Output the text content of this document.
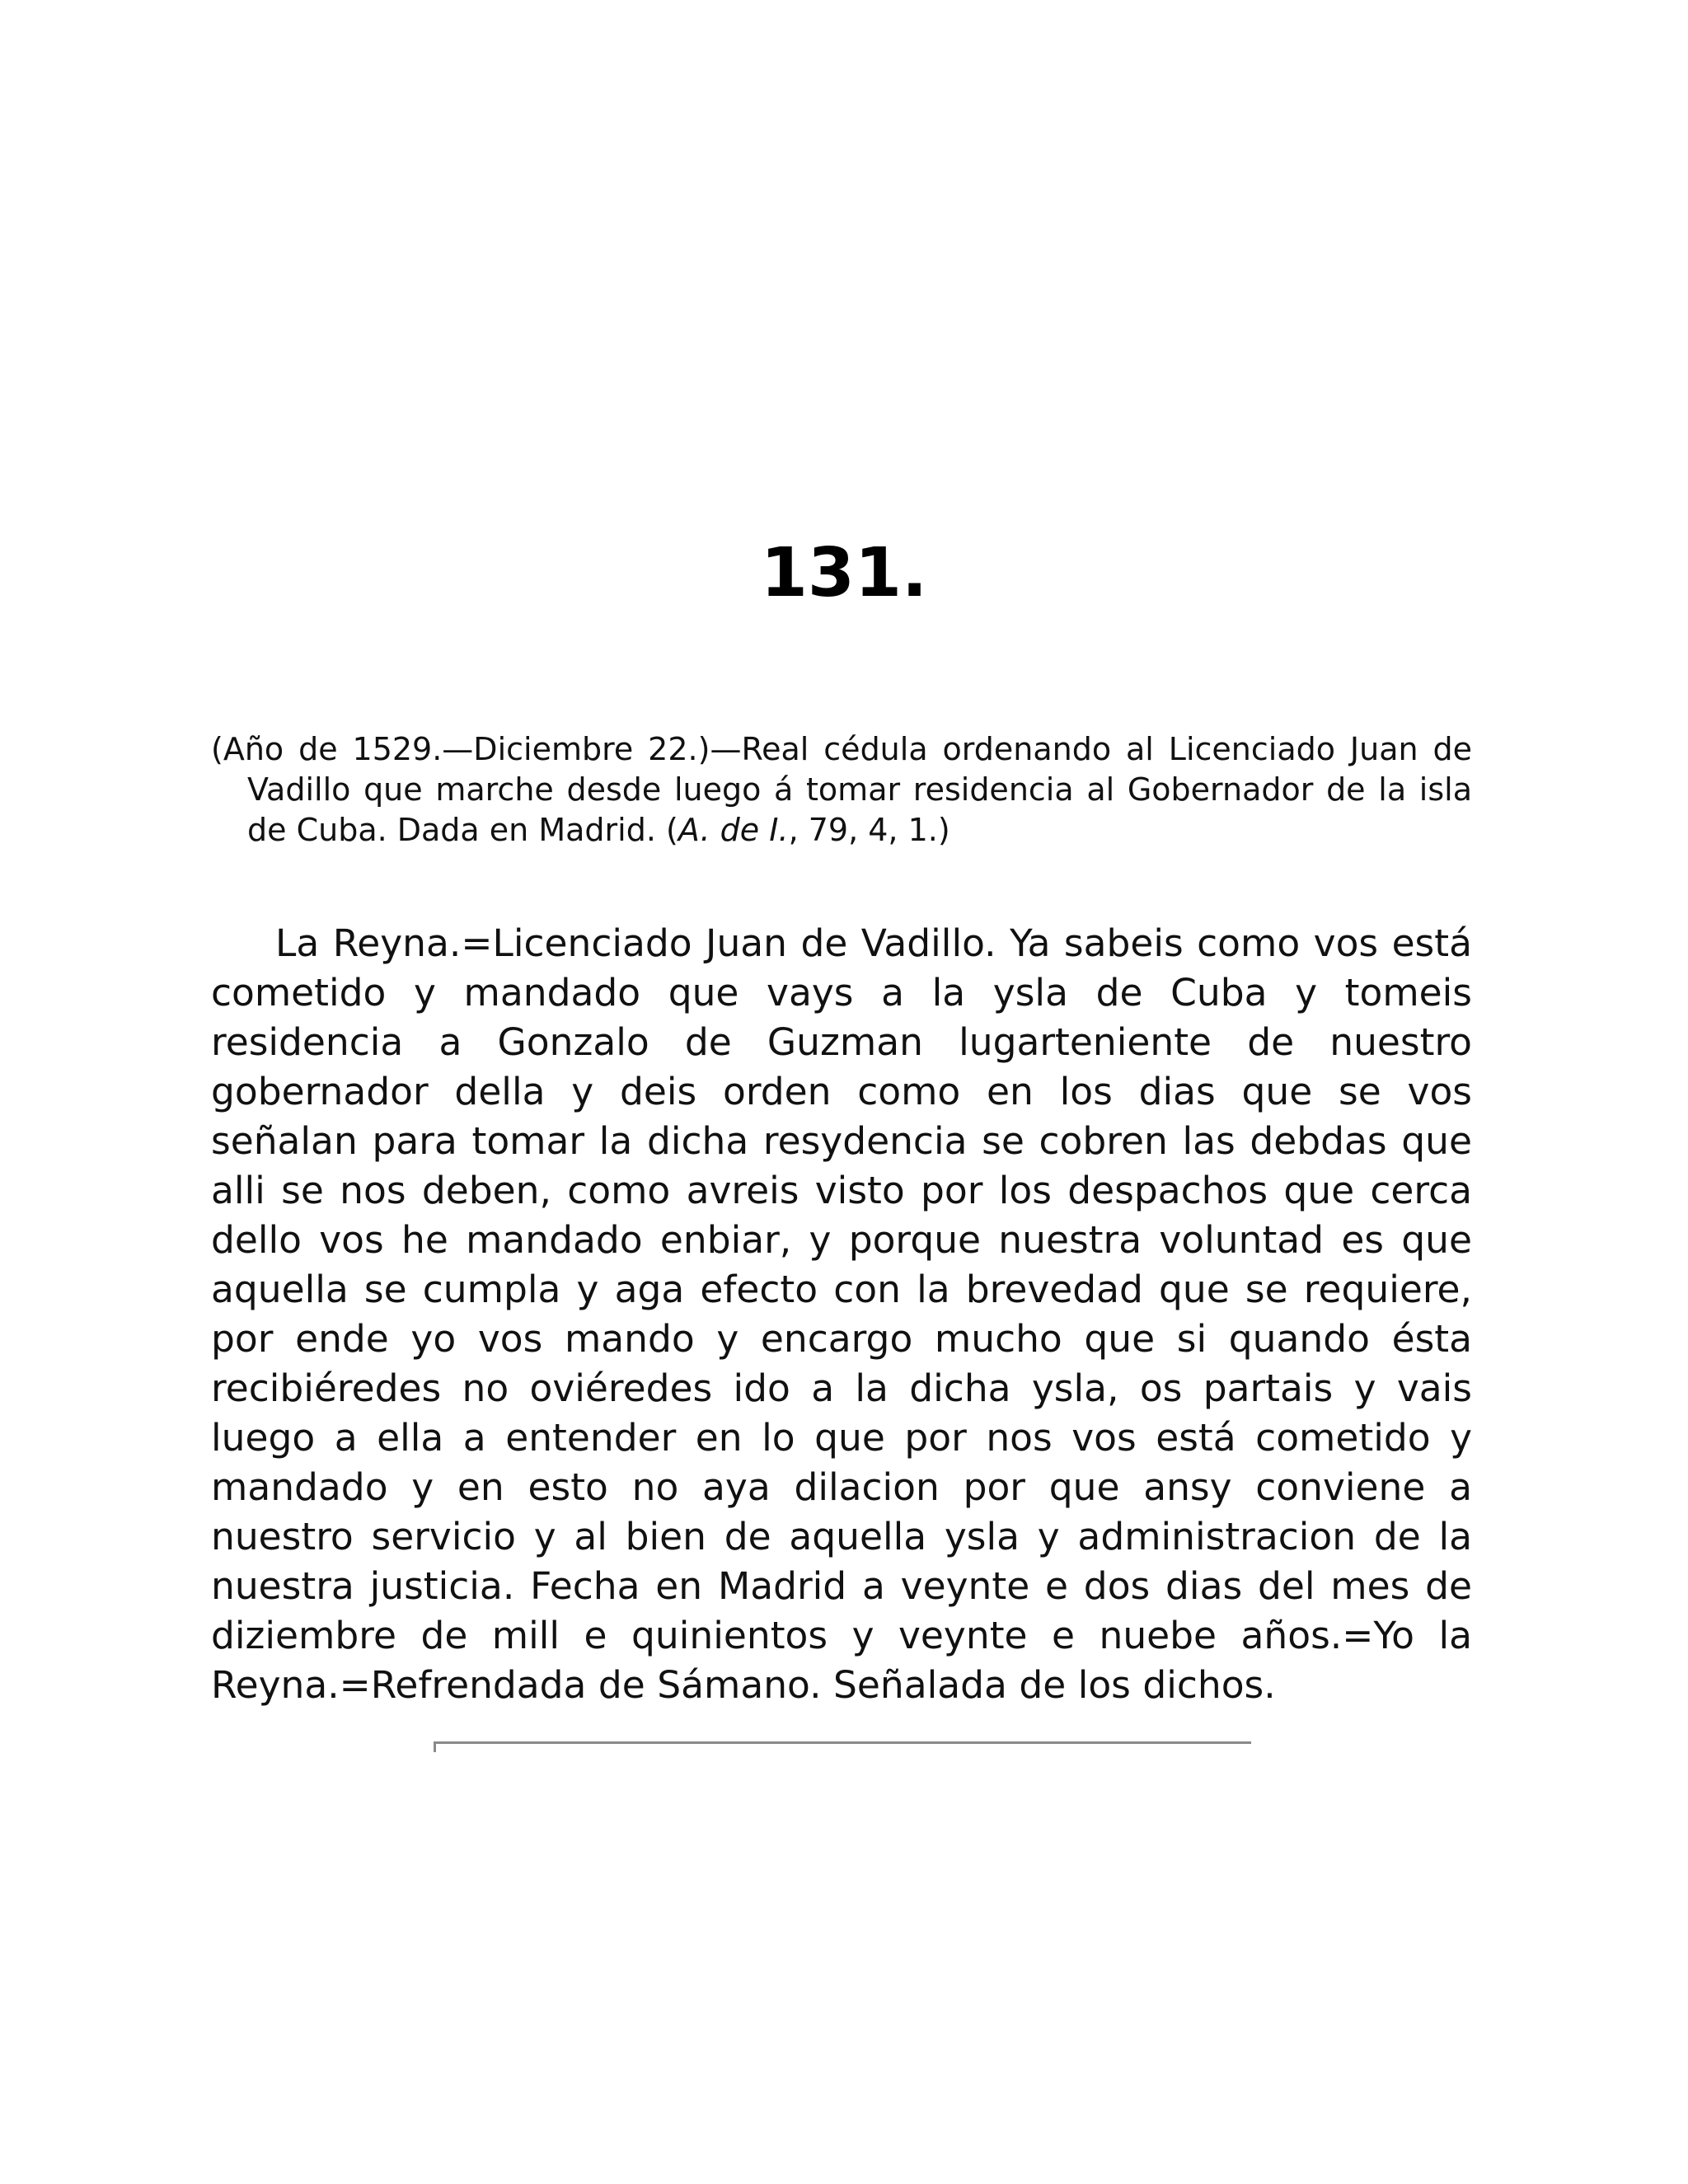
131.

(Año de 1529.—Diciembre 22.)—Real cédula ordenando al Licenciado Juan de Vadillo que marche desde luego á tomar residencia al Gobernador de la isla de Cuba. Dada en Madrid. (A. de I., 79, 4, 1.)

La Reyna.=Licenciado Juan de Vadillo. Ya sabeis como vos está cometido y mandado que vays a la ysla de Cuba y tomeis residencia a Gonzalo de Guzman lugarteniente de nuestro gobernador della y deis orden como en los dias que se vos señalan para tomar la dicha resydencia se cobren las debdas que alli se nos deben, como avreis visto por los despachos que cerca dello vos he mandado enbiar, y porque nuestra voluntad es que aquella se cumpla y aga efecto con la brevedad que se requiere, por ende yo vos mando y encargo mucho que si quando ésta recibiéredes no oviéredes ido a la dicha ysla, os partais y vais luego a ella a entender en lo que por nos vos está cometido y mandado y en esto no aya dilacion por que ansy conviene a nuestro servicio y al bien de aquella ysla y administracion de la nuestra justicia. Fecha en Madrid a veynte e dos dias del mes de diziembre de mill e quinientos y veynte e nuebe años.=Yo la Reyna.=Refrendada de Sámano. Señalada de los dichos.
